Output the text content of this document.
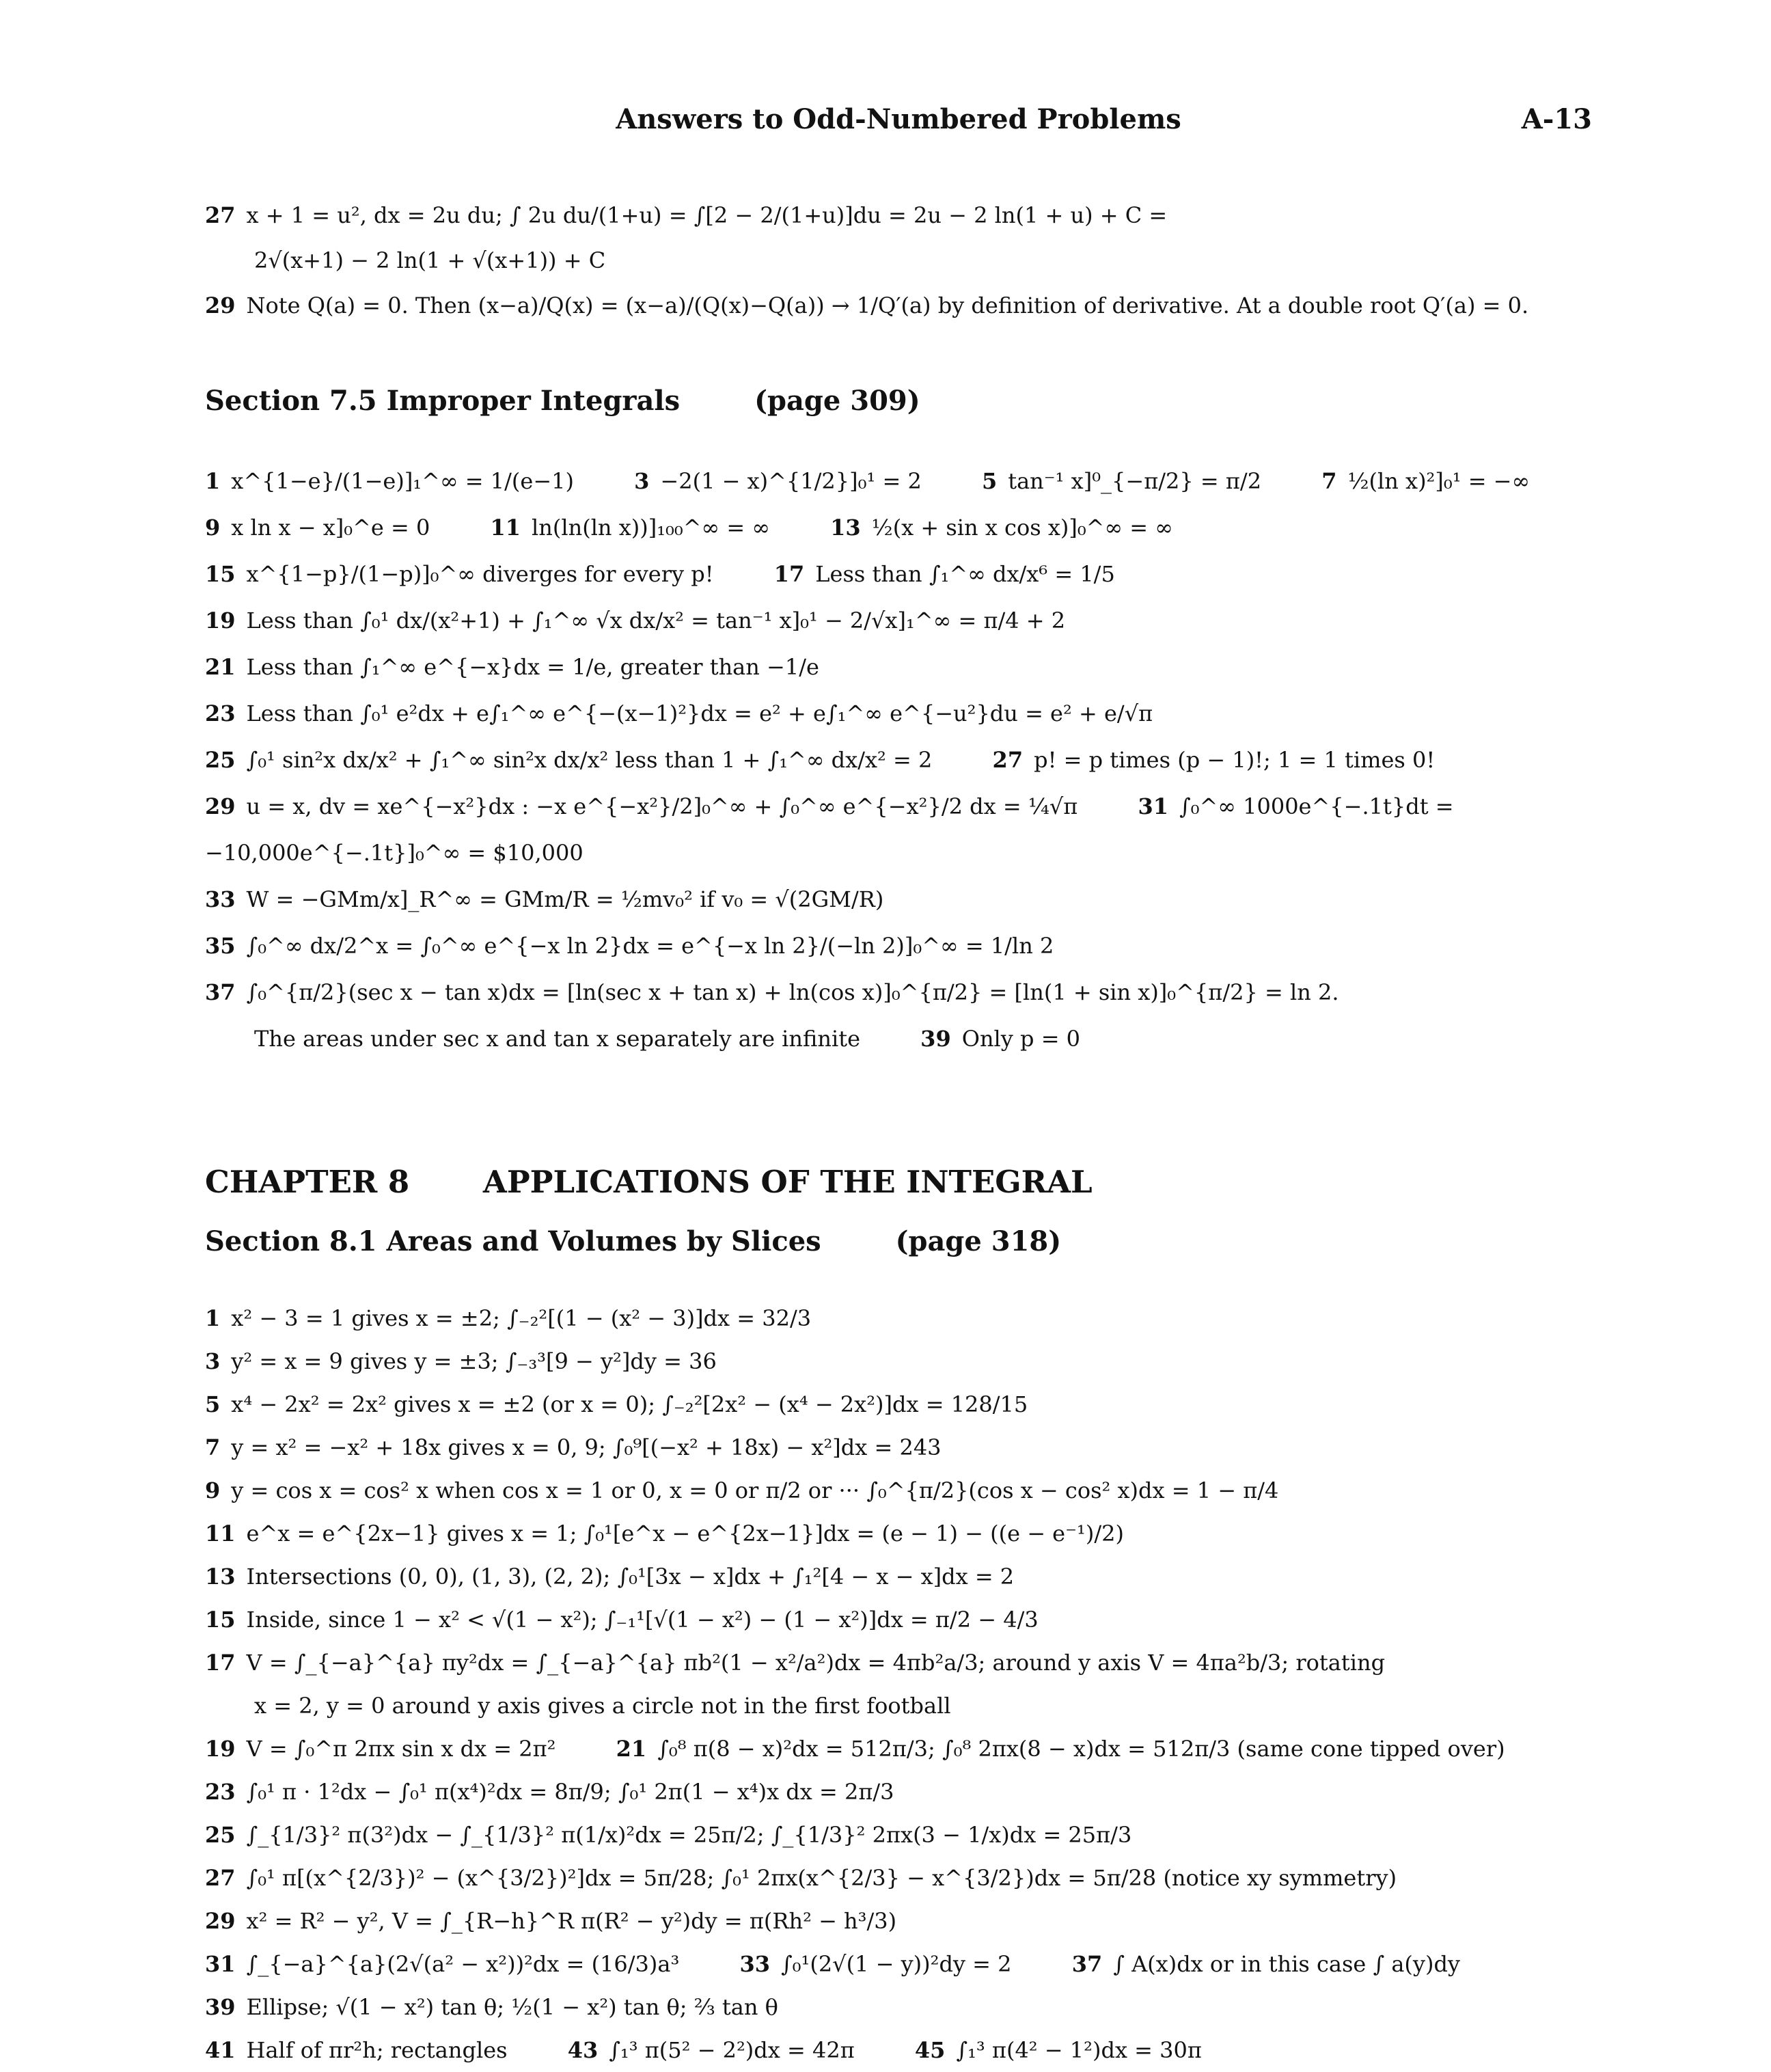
Answers to Odd-Numbered Problems	A-13
27 x + 1 = u², dx = 2u du; ∫ 2u du/(1+u) = ∫[2 − 2/(1+u)]du = 2u − 2 ln(1 + u) + C =
2√(x+1) − 2 ln(1 + √(x+1)) + C
29 Note Q(a) = 0. Then (x−a)/Q(x) = (x−a)/(Q(x)−Q(a)) → 1/Q′(a) by definition of derivative. At a double root Q′(a) = 0.
Section 7.5 Improper Integrals	(page 309)
1 x^{1−e}/(1−e)]₁^∞ = 1/(e−1)	3 −2(1 − x)^{1/2}]₀¹ = 2	5 tan⁻¹ x]⁰_{−π/2} = π/2	7 ½(ln x)²]₀¹ = −∞
9 x ln x − x]₀^e = 0	11 ln(ln(ln x))]₁₀₀^∞ = ∞	13 ½(x + sin x cos x)]₀^∞ = ∞
15 x^{1−p}/(1−p)]₀^∞ diverges for every p!	17 Less than ∫₁^∞ dx/x⁶ = 1/5
19 Less than ∫₀¹ dx/(x²+1) + ∫₁^∞ √x dx/x² = tan⁻¹ x]₀¹ − 2/√x]₁^∞ = π/4 + 2
21 Less than ∫₁^∞ e^{−x}dx = 1/e, greater than −1/e
23 Less than ∫₀¹ e²dx + e∫₁^∞ e^{−(x−1)²}dx = e² + e∫₁^∞ e^{−u²}du = e² + e/√π
25 ∫₀¹ sin²x dx/x² + ∫₁^∞ sin²x dx/x² less than 1 + ∫₁^∞ dx/x² = 2	27 p! = p times (p − 1)!; 1 = 1 times 0!
29 u = x, dv = xe^{−x²}dx : −x e^{−x²}/2]₀^∞ + ∫₀^∞ e^{−x²}/2 dx = ¼√π	31 ∫₀^∞ 1000e^{−.1t}dt = −10,000e^{−.1t}]₀^∞ = $10,000
33 W = −GMm/x]_R^∞ = GMm/R = ½mv₀² if v₀ = √(2GM/R)
35 ∫₀^∞ dx/2^x = ∫₀^∞ e^{−x ln 2}dx = e^{−x ln 2}/(−ln 2)]₀^∞ = 1/ln 2
37 ∫₀^{π/2}(sec x − tan x)dx = [ln(sec x + tan x) + ln(cos x)]₀^{π/2} = [ln(1 + sin x)]₀^{π/2} = ln 2.
The areas under sec x and tan x separately are infinite	39 Only p = 0
CHAPTER 8 APPLICATIONS OF THE INTEGRAL
Section 8.1 Areas and Volumes by Slices	(page 318)
1 x² − 3 = 1 gives x = ±2; ∫₋₂²[(1 − (x² − 3)]dx = 32/3
3 y² = x = 9 gives y = ±3; ∫₋₃³[9 − y²]dy = 36
5 x⁴ − 2x² = 2x² gives x = ±2 (or x = 0); ∫₋₂²[2x² − (x⁴ − 2x²)]dx = 128/15
7 y = x² = −x² + 18x gives x = 0, 9; ∫₀⁹[(−x² + 18x) − x²]dx = 243
9 y = cos x = cos² x when cos x = 1 or 0, x = 0 or π/2 or ··· ∫₀^{π/2}(cos x − cos² x)dx = 1 − π/4
11 e^x = e^{2x−1} gives x = 1; ∫₀¹[e^x − e^{2x−1}]dx = (e − 1) − ((e − e⁻¹)/2)
13 Intersections (0, 0), (1, 3), (2, 2); ∫₀¹[3x − x]dx + ∫₁²[4 − x − x]dx = 2
15 Inside, since 1 − x² < √(1 − x²); ∫₋₁¹[√(1 − x²) − (1 − x²)]dx = π/2 − 4/3
17 V = ∫_{−a}^{a} πy²dx = ∫_{−a}^{a} πb²(1 − x²/a²)dx = 4πb²a/3; around y axis V = 4πa²b/3; rotating
x = 2, y = 0 around y axis gives a circle not in the first football
19 V = ∫₀^π 2πx sin x dx = 2π²	21 ∫₀⁸ π(8 − x)²dx = 512π/3; ∫₀⁸ 2πx(8 − x)dx = 512π/3 (same cone tipped over)
23 ∫₀¹ π · 1²dx − ∫₀¹ π(x⁴)²dx = 8π/9; ∫₀¹ 2π(1 − x⁴)x dx = 2π/3
25 ∫_{1/3}² π(3²)dx − ∫_{1/3}² π(1/x)²dx = 25π/2; ∫_{1/3}² 2πx(3 − 1/x)dx = 25π/3
27 ∫₀¹ π[(x^{2/3})² − (x^{3/2})²]dx = 5π/28; ∫₀¹ 2πx(x^{2/3} − x^{3/2})dx = 5π/28 (notice xy symmetry)
29 x² = R² − y², V = ∫_{R−h}^R π(R² − y²)dy = π(Rh² − h³/3)
31 ∫_{−a}^{a}(2√(a² − x²))²dx = (16/3)a³	33 ∫₀¹(2√(1 − y))²dy = 2	37 ∫ A(x)dx or in this case ∫ a(y)dy
39 Ellipse; √(1 − x²) tan θ; ½(1 − x²) tan θ; ⅔ tan θ
41 Half of πr²h; rectangles	43 ∫₁³ π(5² − 2²)dx = 42π	45 ∫₁³ π(4² − 1²)dx = 30π
